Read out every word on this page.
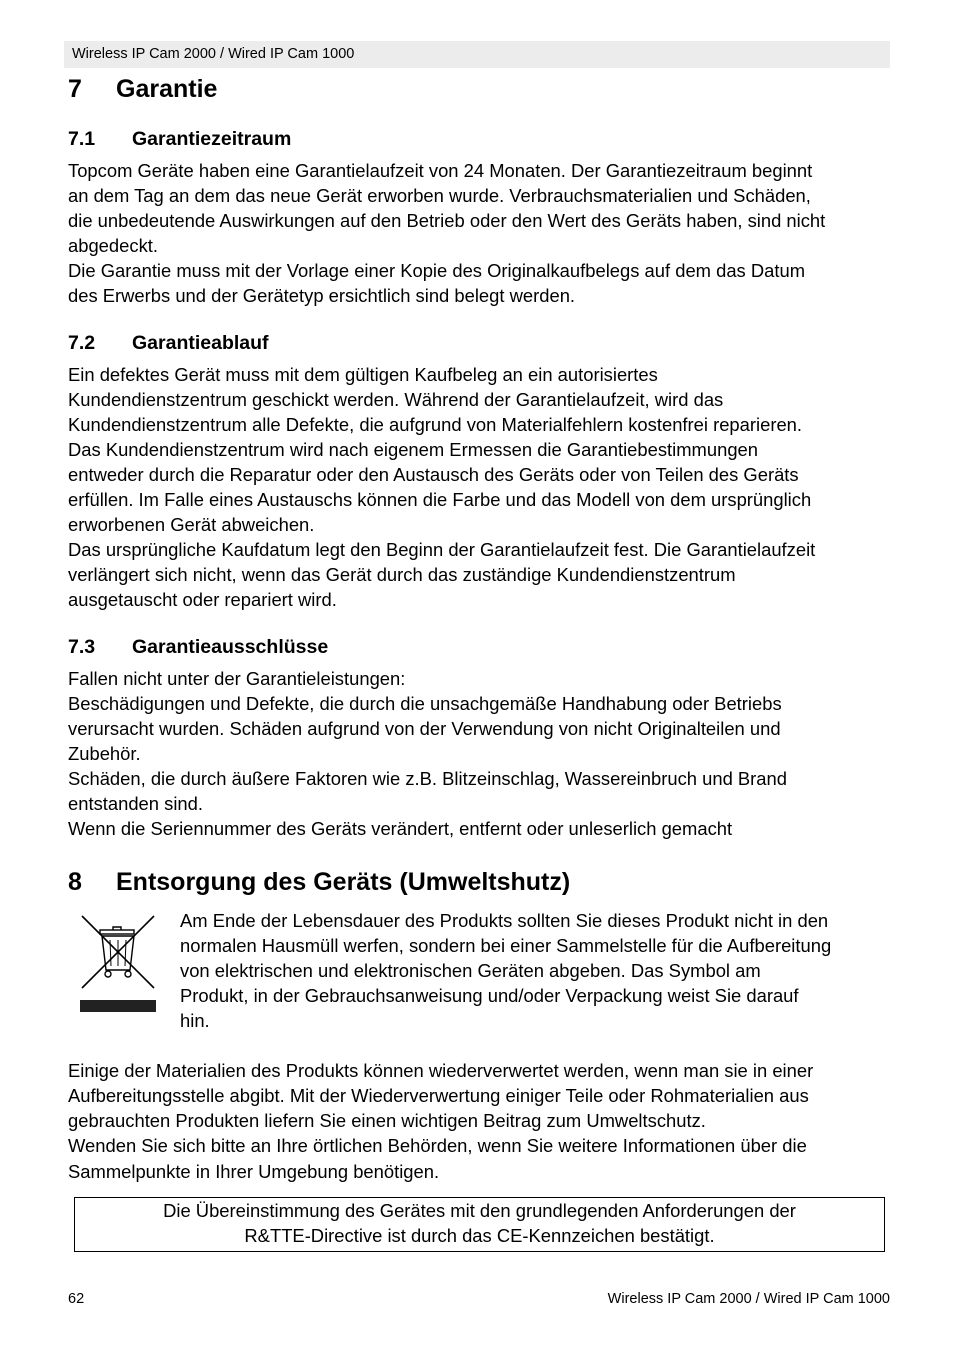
Wireless IP Cam 2000 / Wired IP Cam 1000
7 Garantie
7.1 Garantiezeitraum
Topcom Geräte haben eine Garantielaufzeit von 24 Monaten. Der Garantiezeitraum beginnt
an dem Tag an dem das neue Gerät erworben wurde. Verbrauchsmaterialien und Schäden,
die unbedeutende Auswirkungen auf den Betrieb oder den Wert des Geräts haben, sind nicht
abgedeckt.
Die Garantie muss mit der Vorlage einer Kopie des Originalkaufbelegs auf dem das Datum
des Erwerbs und der Gerätetyp ersichtlich sind belegt werden.
7.2 Garantieablauf
Ein defektes Gerät muss mit dem gültigen Kaufbeleg an ein autorisiertes
Kundendienstzentrum geschickt werden. Während der Garantielaufzeit, wird das
Kundendienstzentrum alle Defekte, die aufgrund von Materialfehlern kostenfrei reparieren.
Das Kundendienstzentrum wird nach eigenem Ermessen die Garantiebestimmungen
entweder durch die Reparatur oder den Austausch des Geräts oder von Teilen des Geräts
erfüllen. Im Falle eines Austauschs können die Farbe und das Modell von dem ursprünglich
erworbenen Gerät abweichen.
Das ursprüngliche Kaufdatum legt den Beginn der Garantielaufzeit fest. Die Garantielaufzeit
verlängert sich nicht, wenn das Gerät durch das zuständige Kundendienstzentrum
ausgetauscht oder repariert wird.
7.3 Garantieausschlüsse
Fallen nicht unter der Garantieleistungen:
Beschädigungen und Defekte, die durch die unsachgemäße Handhabung oder Betriebs
verursacht wurden. Schäden aufgrund von der Verwendung von nicht Originalteilen und
Zubehör.
Schäden, die durch äußere Faktoren wie z.B. Blitzeinschlag, Wassereinbruch und Brand
entstanden sind.
Wenn die Seriennummer des Geräts verändert, entfernt oder unleserlich gemacht
8 Entsorgung des Geräts (Umweltshutz)
Am Ende der Lebensdauer des Produkts sollten Sie dieses Produkt nicht in den
normalen Hausmüll werfen, sondern bei einer Sammelstelle für die Aufbereitung
von elektrischen und elektronischen Geräten abgeben. Das Symbol am
Produkt, in der Gebrauchsanweisung und/oder Verpackung weist Sie darauf
hin.
Einige der Materialien des Produkts können wiederverwertet werden, wenn man sie in einer
Aufbereitungsstelle abgibt. Mit der Wiederverwertung einiger Teile oder Rohmaterialien aus
gebrauchten Produkten liefern Sie einen wichtigen Beitrag zum Umweltschutz.
Wenden Sie sich bitte an Ihre örtlichen Behörden, wenn Sie weitere Informationen über die
Sammelpunkte in Ihrer Umgebung benötigen.
Die Übereinstimmung des Gerätes mit den grundlegenden Anforderungen der
R&TTE-Directive ist durch das CE-Kennzeichen bestätigt.
62	Wireless IP Cam 2000 / Wired IP Cam 1000
